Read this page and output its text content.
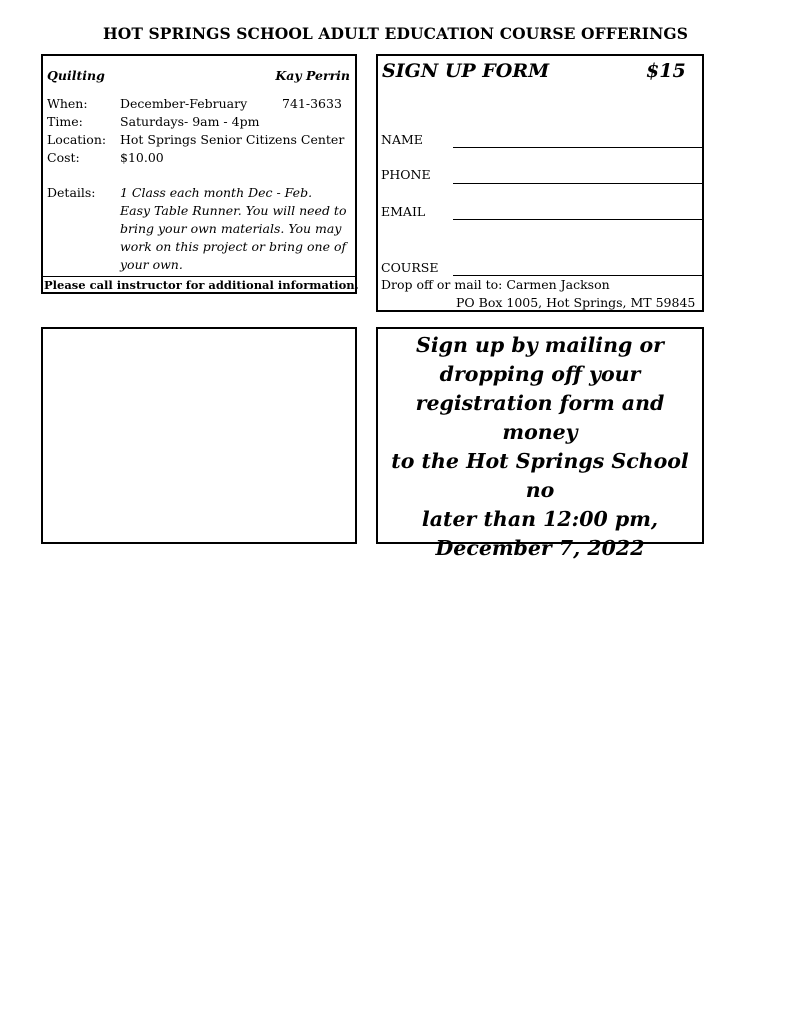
HOT SPRINGS SCHOOL ADULT EDUCATION COURSE OFFERINGS
Quilting	Kay Perrin
When:	December-February	741-3633
Time:	Saturdays- 9am - 4pm
Location: Hot Springs Senior Citizens Center
Cost:	$10.00
Details: 1 Class each month Dec - Feb.
Easy Table Runner. You will need to
bring your own materials. You may
work on this project or bring one of
your own.
Please call instructor for additional information.
SIGN UP FORM	$15
NAME
PHONE
EMAIL
COURSE
Drop off or mail to: Carmen Jackson
PO Box 1005, Hot Springs, MT 59845
Sign up by mailing or
dropping off your
registration form and money
to the Hot Springs School no
later than 12:00 pm,
December 7, 2022
